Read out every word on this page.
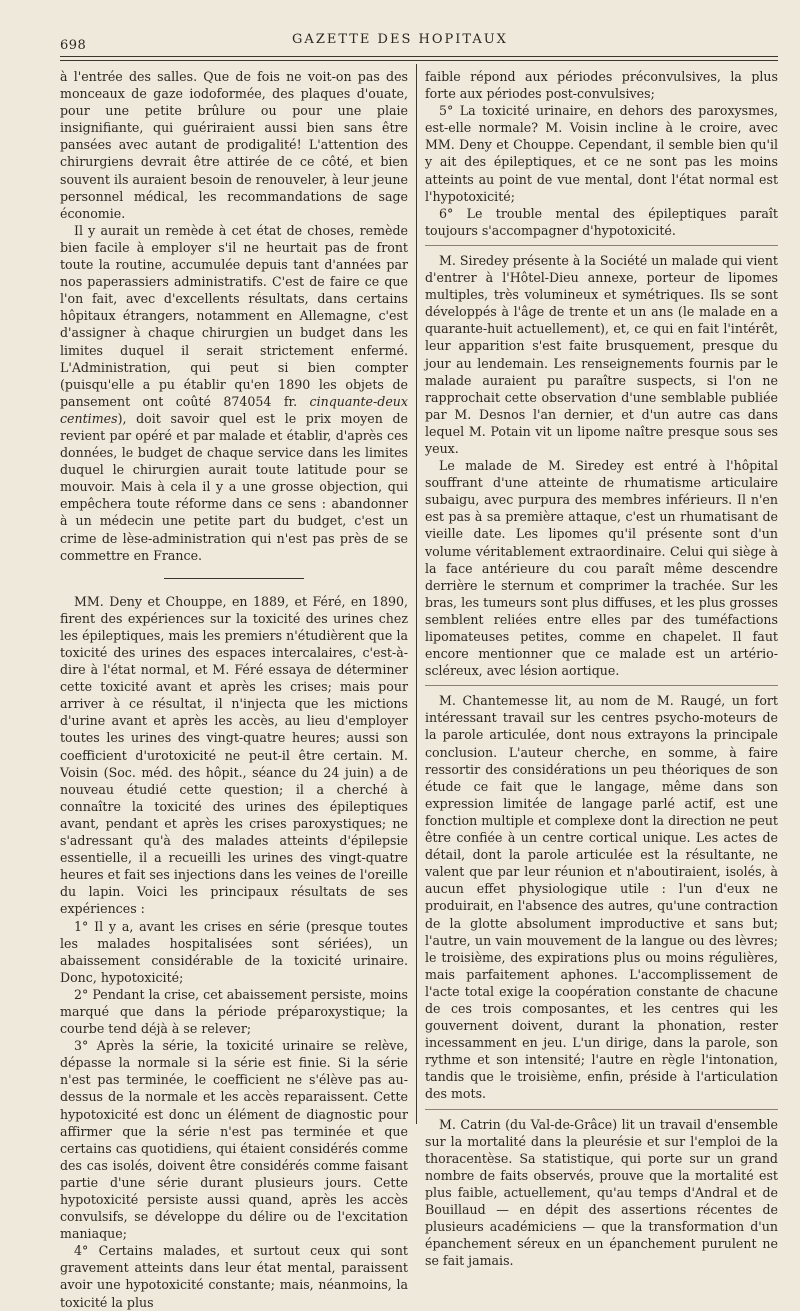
698	GAZETTE DES HOPITAUX

à l'entrée des salles. Que de fois ne voit-on pas des monceaux de gaze iodoformée, des plaques d'ouate, pour une petite brûlure ou pour une plaie insignifiante, qui guériraient aussi bien sans être pansées avec autant de prodigalité! L'attention des chirurgiens devrait être attirée de ce côté, et bien souvent ils auraient besoin de renouveler, à leur jeune personnel médical, les recommandations de sage économie.

Il y aurait un remède à cet état de choses, remède bien facile à employer s'il ne heurtait pas de front toute la routine, accumulée depuis tant d'années par nos paperassiers administratifs. C'est de faire ce que l'on fait, avec d'excellents résultats, dans certains hôpitaux étrangers, notamment en Allemagne, c'est d'assigner à chaque chirurgien un budget dans les limites duquel il serait strictement enfermé. L'Administration, qui peut si bien compter (puisqu'elle a pu établir qu'en 1890 les objets de pansement ont coûté 874054 fr. cinquante-deux centimes), doit savoir quel est le prix moyen de revient par opéré et par malade et établir, d'après ces données, le budget de chaque service dans les limites duquel le chirurgien aurait toute latitude pour se mouvoir. Mais à cela il y a une grosse objection, qui empêchera toute réforme dans ce sens : abandonner à un médecin une petite part du budget, c'est un crime de lèse-administration qui n'est pas près de se commettre en France.

MM. Deny et Chouppe, en 1889, et Féré, en 1890, firent des expériences sur la toxicité des urines chez les épileptiques, mais les premiers n'étudièrent que la toxicité des urines des espaces intercalaires, c'est-à-dire à l'état normal, et M. Féré essaya de déterminer cette toxicité avant et après les crises; mais pour arriver à ce résultat, il n'injecta que les mictions d'urine avant et après les accès, au lieu d'employer toutes les urines des vingt-quatre heures; aussi son coefficient d'urotoxicité ne peut-il être certain. M. Voisin (Soc. méd. des hôpit., séance du 24 juin) a de nouveau étudié cette question; il a cherché à connaître la toxicité des urines des épileptiques avant, pendant et après les crises paroxystiques; ne s'adressant qu'à des malades atteints d'épilepsie essentielle, il a recueilli les urines des vingt-quatre heures et fait ses injections dans les veines de l'oreille du lapin. Voici les principaux résultats de ses expériences :

1° Il y a, avant les crises en série (presque toutes les malades hospitalisées sont sériées), un abaissement considérable de la toxicité urinaire. Donc, hypotoxicité;

2° Pendant la crise, cet abaissement persiste, moins marqué que dans la période préparoxystique; la courbe tend déjà à se relever;

3° Après la série, la toxicité urinaire se relève, dépasse la normale si la série est finie. Si la série n'est pas terminée, le coefficient ne s'élève pas au-dessus de la normale et les accès reparaissent. Cette hypotoxicité est donc un élément de diagnostic pour affirmer que la série n'est pas terminée et que certains cas quotidiens, qui étaient considérés comme des cas isolés, doivent être considérés comme faisant partie d'une série durant plusieurs jours. Cette hypotoxicité persiste aussi quand, après les accès convulsifs, se développe du délire ou de l'excitation maniaque;

4° Certains malades, et surtout ceux qui sont gravement atteints dans leur état mental, paraissent avoir une hypotoxicité constante; mais, néanmoins, la toxicité la plus

faible répond aux périodes préconvulsives, la plus forte aux périodes post-convulsives;

5° La toxicité urinaire, en dehors des paroxysmes, est-elle normale? M. Voisin incline à le croire, avec MM. Deny et Chouppe. Cependant, il semble bien qu'il y ait des épileptiques, et ce ne sont pas les moins atteints au point de vue mental, dont l'état normal est l'hypotoxicité;

6° Le trouble mental des épileptiques paraît toujours s'accompagner d'hypotoxicité.

M. Siredey présente à la Société un malade qui vient d'entrer à l'Hôtel-Dieu annexe, porteur de lipomes multiples, très volumineux et symétriques. Ils se sont développés à l'âge de trente et un ans (le malade en a quarante-huit actuellement), et, ce qui en fait l'intérêt, leur apparition s'est faite brusquement, presque du jour au lendemain. Les renseignements fournis par le malade auraient pu paraître suspects, si l'on ne rapprochait cette observation d'une semblable publiée par M. Desnos l'an dernier, et d'un autre cas dans lequel M. Potain vit un lipome naître presque sous ses yeux.

Le malade de M. Siredey est entré à l'hôpital souffrant d'une atteinte de rhumatisme articulaire subaigu, avec purpura des membres inférieurs. Il n'en est pas à sa première attaque, c'est un rhumatisant de vieille date. Les lipomes qu'il présente sont d'un volume véritablement extraordinaire. Celui qui siège à la face antérieure du cou paraît même descendre derrière le sternum et comprimer la trachée. Sur les bras, les tumeurs sont plus diffuses, et les plus grosses semblent reliées entre elles par des tuméfactions lipomateuses petites, comme en chapelet. Il faut encore mentionner que ce malade est un artério-scléreux, avec lésion aortique.

M. Chantemesse lit, au nom de M. Raugé, un fort intéressant travail sur les centres psycho-moteurs de la parole articulée, dont nous extrayons la principale conclusion. L'auteur cherche, en somme, à faire ressortir des considérations un peu théoriques de son étude ce fait que le langage, même dans son expression limitée de langage parlé actif, est une fonction multiple et complexe dont la direction ne peut être confiée à un centre cortical unique. Les actes de détail, dont la parole articulée est la résultante, ne valent que par leur réunion et n'aboutiraient, isolés, à aucun effet physiologique utile : l'un d'eux ne produirait, en l'absence des autres, qu'une contraction de la glotte absolument improductive et sans but; l'autre, un vain mouvement de la langue ou des lèvres; le troisième, des expirations plus ou moins régulières, mais parfaitement aphones. L'accomplissement de l'acte total exige la coopération constante de chacune de ces trois composantes, et les centres qui les gouvernent doivent, durant la phonation, rester incessamment en jeu. L'un dirige, dans la parole, son rythme et son intensité; l'autre en règle l'intonation, tandis que le troisième, enfin, préside à l'articulation des mots.

M. Catrin (du Val-de-Grâce) lit un travail d'ensemble sur la mortalité dans la pleurésie et sur l'emploi de la thoracentèse. Sa statistique, qui porte sur un grand nombre de faits observés, prouve que la mortalité est plus faible, actuellement, qu'au temps d'Andral et de Bouillaud — en dépit des assertions récentes de plusieurs académiciens — que la transformation d'un épanchement séreux en un épanchement purulent ne se fait jamais.
